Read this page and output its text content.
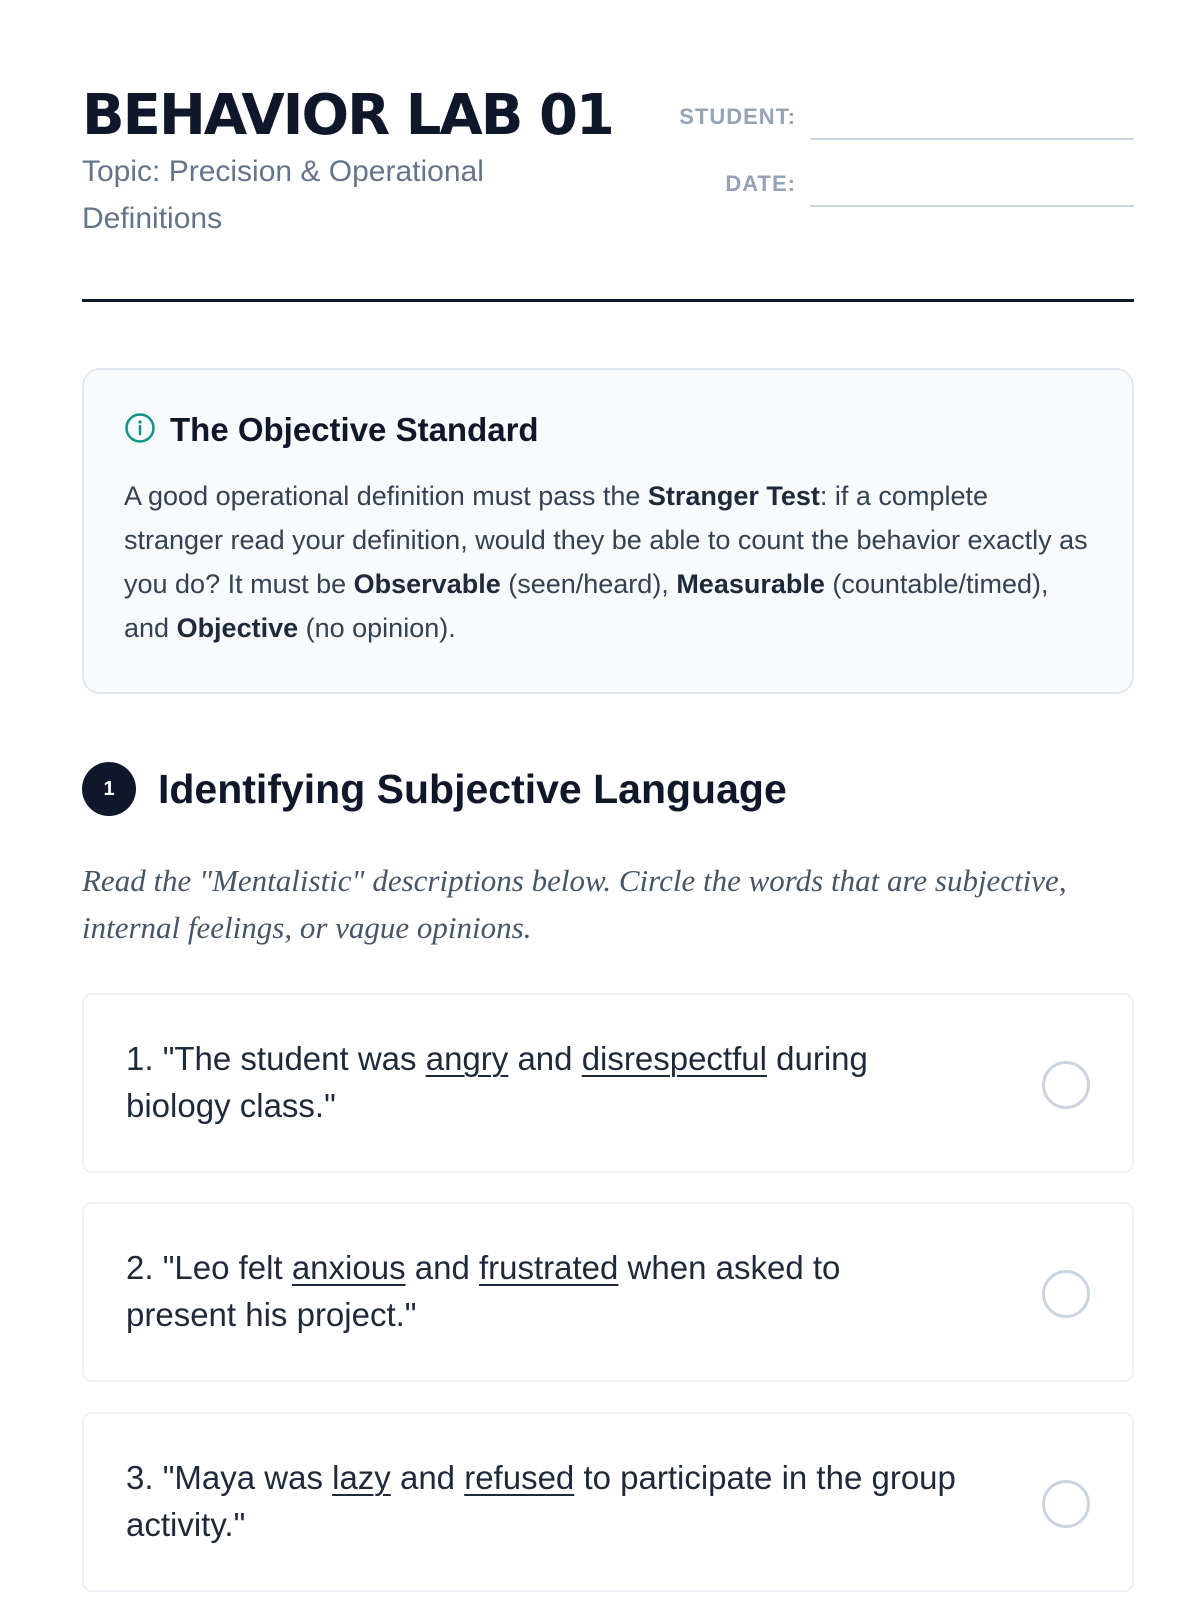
BEHAVIOR LAB 01
Topic: Precision & Operational Definitions
STUDENT:
DATE:
The Objective Standard

A good operational definition must pass the Stranger Test: if a complete stranger read your definition, would they be able to count the behavior exactly as you do? It must be Observable (seen/heard), Measurable (countable/timed), and Objective (no opinion).

1	Identifying Subjective Language

Read the "Mentalistic" descriptions below. Circle the words that are subjective, internal feelings, or vague opinions.

1. "The student was angry and disrespectful during biology class."

2. "Leo felt anxious and frustrated when asked to present his project."

3. "Maya was lazy and refused to participate in the group activity."
